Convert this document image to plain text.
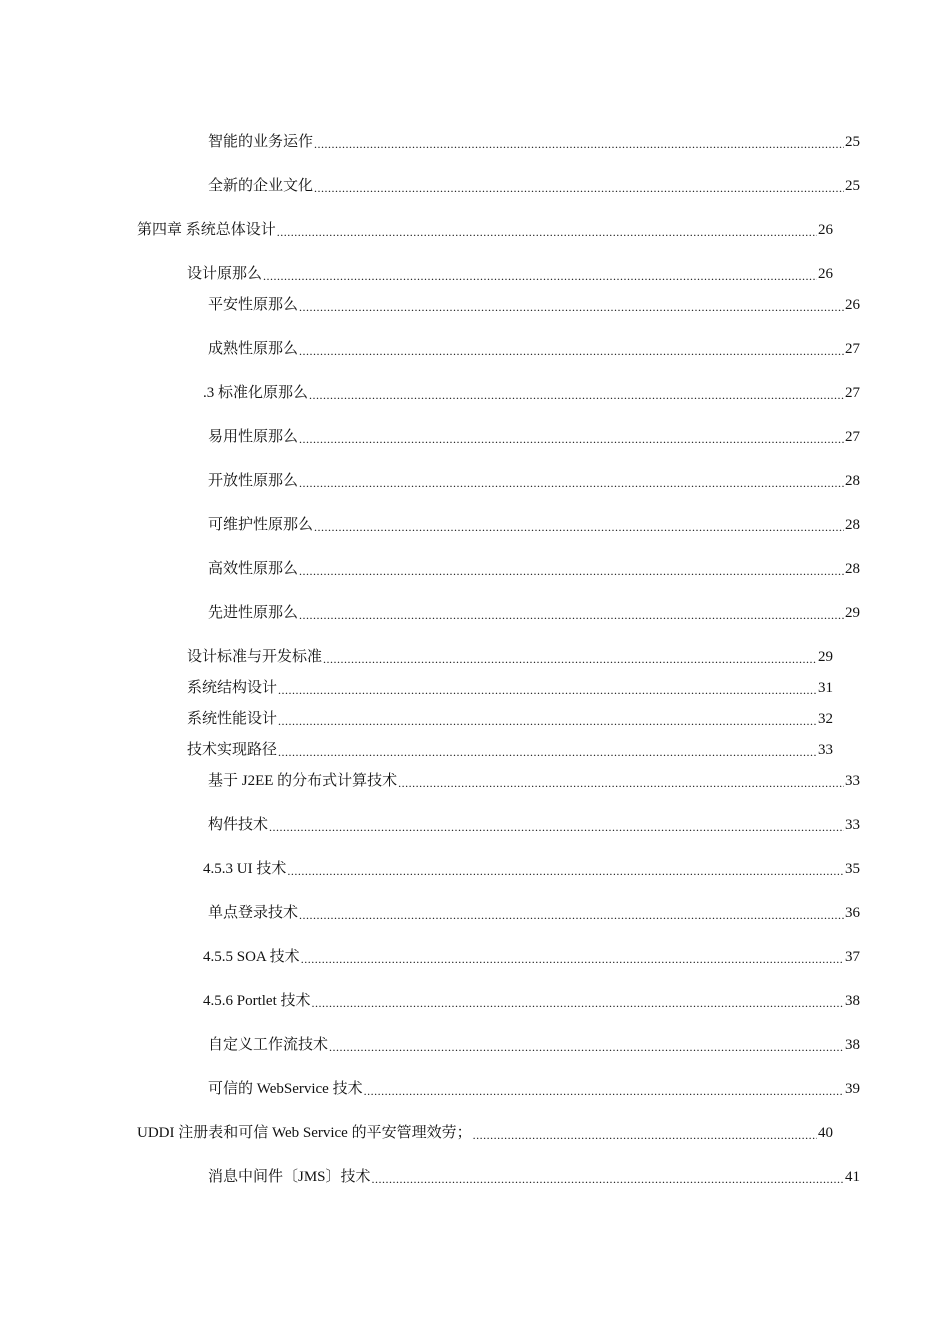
智能的业务运作 .....	25
全新的企业文化 .....	25
第四章 系统总体设计 .....	26
设计原那么 .....	26
平安性原那么 .....	26
成熟性原那么 .....	27
.3 标准化原那么 .....	27
易用性原那么 .....	27
开放性原那么 .....	28
可维护性原那么 .....	28
高效性原那么 .....	28
先进性原那么 .....	29
设计标准与开发标准 .....	29
系统结构设计 .....	31
系统性能设计 .....	32
技术实现路径 .....	33
基于 J2EE 的分布式计算技术 .....	33
构件技术 .....	33
4.5.3 UI 技术 .....	35
单点登录技术 .....	36
4.5.5 SOA 技术 .....	37
4.5.6 Portlet 技术 .....	38
自定义工作流技术 .....	38
可信的 WebService 技术 .....	39
UDDI 注册表和可信 Web Service 的平安管理效劳； .....	40
消息中间件〔JMS〕技术 .....	41
